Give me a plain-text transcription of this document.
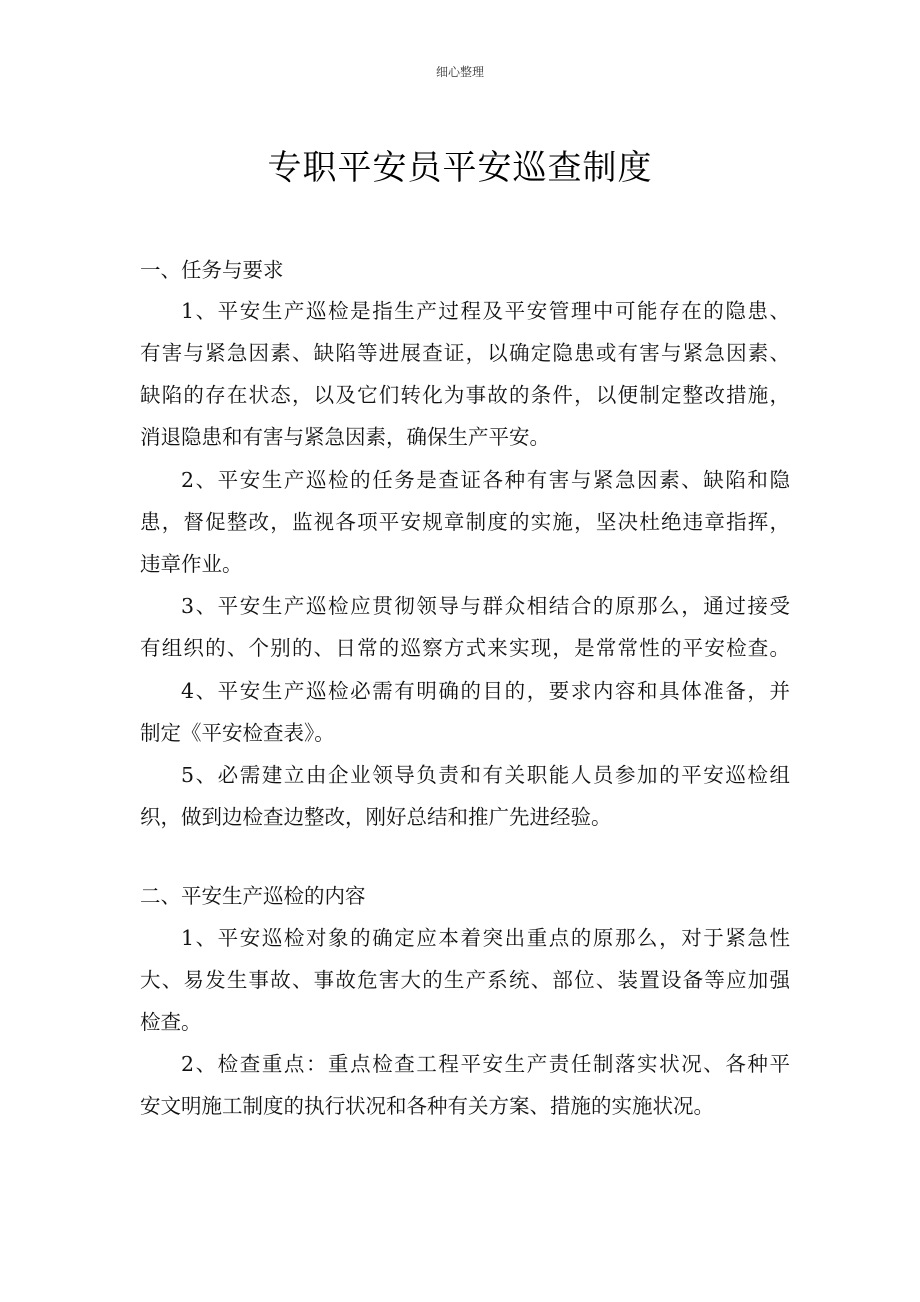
细心整理
专职平安员平安巡查制度
一、任务与要求
1、平安生产巡检是指生产过程及平安管理中可能存在的隐患、
有害与紧急因素、缺陷等进展查证，以确定隐患或有害与紧急因素、
缺陷的存在状态，以及它们转化为事故的条件，以便制定整改措施，
消退隐患和有害与紧急因素，确保生产平安。
2、平安生产巡检的任务是查证各种有害与紧急因素、缺陷和隐
患，督促整改，监视各项平安规章制度的实施，坚决杜绝违章指挥，
违章作业。
3、平安生产巡检应贯彻领导与群众相结合的原那么，通过接受
有组织的、个别的、日常的巡察方式来实现，是常常性的平安检查。
4、平安生产巡检必需有明确的目的，要求内容和具体准备，并
制定《平安检查表》。
5、必需建立由企业领导负责和有关职能人员参加的平安巡检组
织，做到边检查边整改，刚好总结和推广先进经验。
二、平安生产巡检的内容
1、平安巡检对象的确定应本着突出重点的原那么，对于紧急性
大、易发生事故、事故危害大的生产系统、部位、装置设备等应加强
检查。
2、检查重点：重点检查工程平安生产责任制落实状况、各种平
安文明施工制度的执行状况和各种有关方案、措施的实施状况。
